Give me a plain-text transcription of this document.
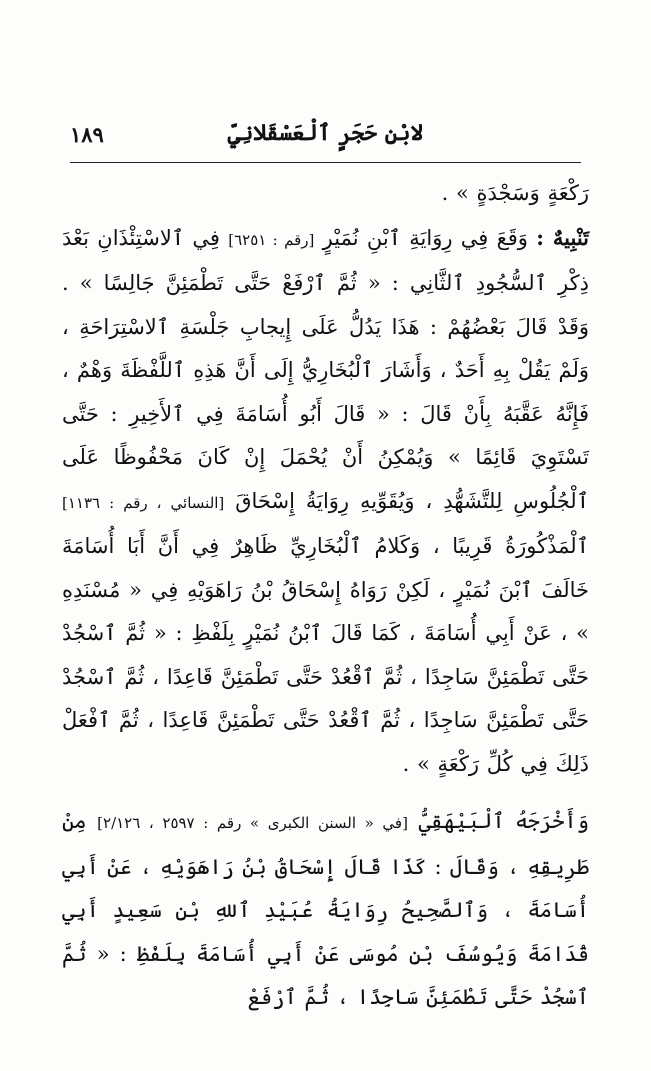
لابْنِ حَجَرٍ ٱلْعَسْقَلانِيِّ
١٨٩

رَكْعَةٍ وَسَجْدَةٍ » .

تَنْبِيهٌ : وَقَعَ فِي رِوَايَةِ ٱبْنِ نُمَيْرٍ [رقم : ٦٢٥١] فِي ٱلاسْتِئْذَانِ بَعْدَ ذِكْرِ ٱلسُّجُودِ ٱلثَّانِي : « ثُمَّ ٱرْفَعْ حَتَّى تَطْمَئِنَّ جَالِسًا » . وَقَدْ قَالَ بَعْضُهُمْ : هَذَا يَدُلُّ عَلَى إِيجابِ جَلْسَةِ ٱلاسْتِرَاحَةِ ، وَلَمْ يَقُلْ بِهِ أَحَدٌ ، وَأَشَارَ ٱلْبُخَارِيُّ إِلَى أَنَّ هَذِهِ ٱللَّفْظَةَ وَهْمٌ ، فَإِنَّهُ عَقَّبَهُ بِأَنْ قَالَ : « قَالَ أَبُو أُسَامَةَ فِي ٱلأَخِيرِ : حَتَّى تَسْتَوِيَ قَائِمًا » وَيُمْكِنُ أَنْ يُحْمَلَ إِنْ كَانَ مَحْفُوظًا عَلَى ٱلْجُلُوسِ لِلتَّشَهُّدِ ، وَيُقَوِّيهِ رِوَايَةُ إِسْحَاقَ [النسائي ، رقم : ١١٣٦] ٱلْمَذْكُورَةُ قَرِيبًا ، وَكَلامُ ٱلْبُخَارِيِّ ظَاهِرٌ فِي أَنَّ أَبَا أُسَامَةَ خَالَفَ ٱبْنَ نُمَيْرٍ ، لَكِنْ رَوَاهُ إِسْحَاقُ بْنُ رَاهَوَيْهِ فِي « مُسْنَدِهِ » ، عَنْ أَبِي أُسَامَةَ ، كَمَا قَالَ ٱبْنُ نُمَيْرٍ بِلَفْظِ : « ثُمَّ ٱسْجُدْ حَتَّى تَطْمَئِنَّ سَاجِدًا ، ثُمَّ ٱقْعُدْ حَتَّى تَطْمَئِنَّ قَاعِدًا ، ثُمَّ ٱسْجُدْ حَتَّى تَطْمَئِنَّ سَاجِدًا ، ثُمَّ ٱقْعُدْ حَتَّى تَطْمَئِنَّ قَاعِدًا ، ثُمَّ ٱفْعَلْ ذَلِكَ فِي كُلِّ رَكْعَةٍ » .

وَأَخْرَجَهُ ٱلْبَيْهَقِيُّ [في « السنن الكبرى » رقم : ٢٥٩٧ ، ٢/١٢٦] مِنْ طَرِيقِهِ ، وَقَالَ : كَذَا قَالَ إِسْحَاقُ بْنُ رَاهَوَيْهِ ، عَنْ أَبِي أُسَامَةَ ، وَٱلصَّحِيحُ رِوَايَةُ عُبَيْدِ ٱللهِ بْنِ سَعِيدٍ أَبِي قُدَامَةَ وَيُوسُفَ بْنِ مُوسَى عَنْ أَبِي أُسَامَةَ بِلَفْظِ : « ثُمَّ ٱسْجُدْ حَتَّى تَطْمَئِنَّ سَاجِدًا ، ثُمَّ ٱرْفَعْ
